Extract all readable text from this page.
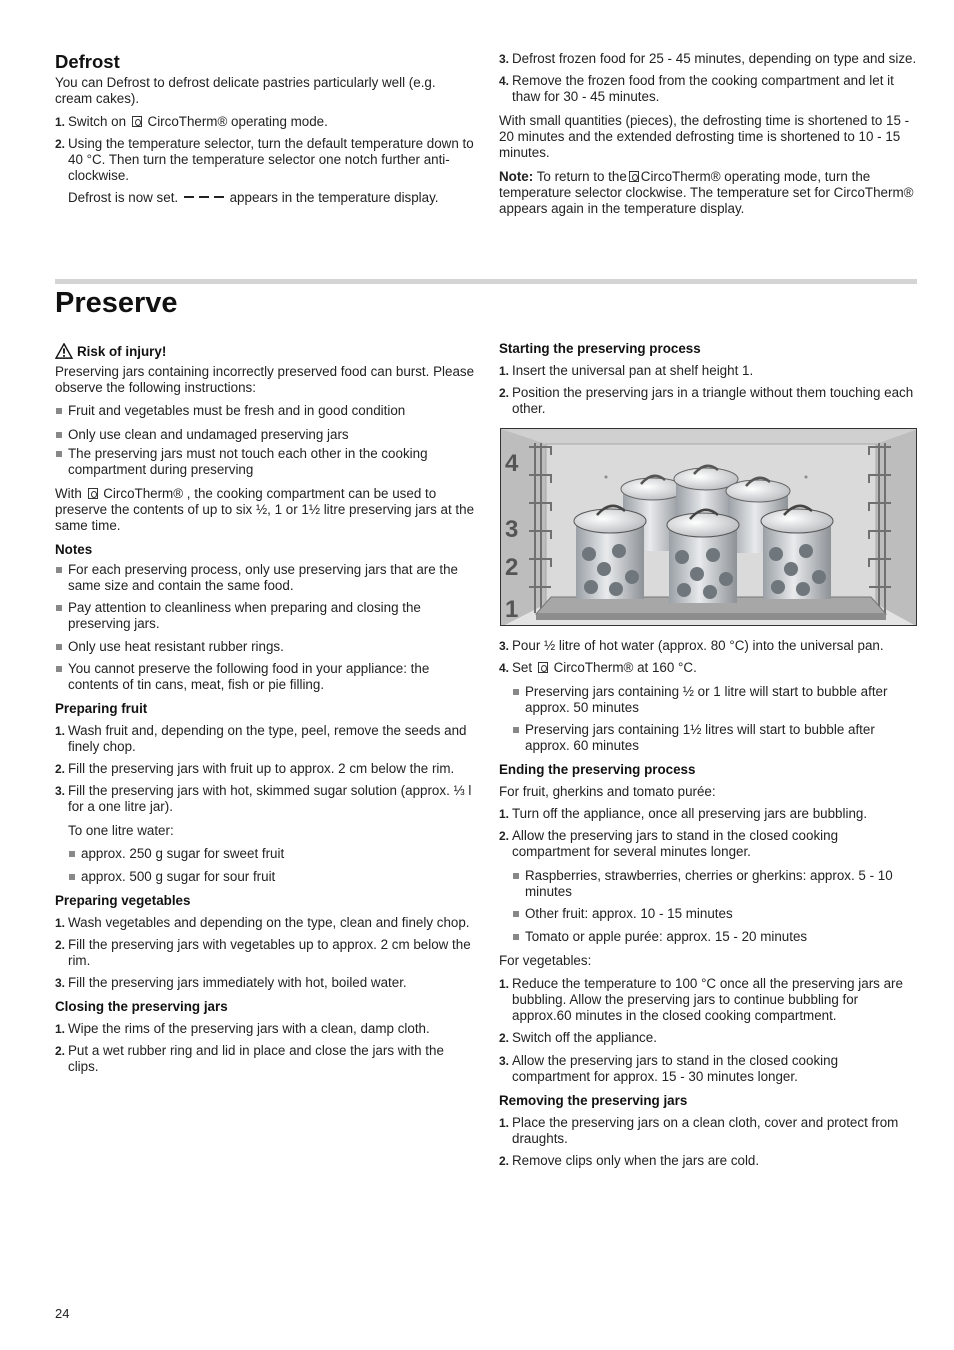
Defrost

You can Defrost to defrost delicate pastries particularly well (e.g. cream cakes).

1. Switch on CircoTherm® operating mode.
2. Using the temperature selector, turn the default temperature down to 40 °C. Then turn the temperature selector one notch further anti-clockwise.

Defrost is now set.	appears in the temperature display.

3. Defrost frozen food for 25 - 45 minutes, depending on type and size.
4. Remove the frozen food from the cooking compartment and let it thaw for 30 - 45 minutes.

With small quantities (pieces), the defrosting time is shortened to 15 - 20 minutes and the extended defrosting time is shortened to 10 - 15 minutes.

Note: To return to the CircoTherm® operating mode, turn the temperature selector clockwise. The temperature set for CircoTherm® appears again in the temperature display.

Preserve
Risk of injury!

Preserving jars containing incorrectly preserved food can burst. Please observe the following instructions:

Fruit and vegetables must be fresh and in good condition
Only use clean and undamaged preserving jars
The preserving jars must not touch each other in the cooking compartment during preserving

With CircoTherm® , the cooking compartment can be used to preserve the contents of up to six ½, 1 or 1½ litre preserving jars at the same time.

Notes
For each preserving process, only use preserving jars that are the same size and contain the same food.
Pay attention to cleanliness when preparing and closing the preserving jars.
Only use heat resistant rubber rings.
You cannot preserve the following food in your appliance: the contents of tin cans, meat, fish or pie filling.
Preparing fruit
1. Wash fruit and, depending on the type, peel, remove the seeds and finely chop.
2. Fill the preserving jars with fruit up to approx. 2 cm below the rim.
3. Fill the preserving jars with hot, skimmed sugar solution (approx. ⅓ l for a one litre jar).

To one litre water:

approx. 250 g sugar for sweet fruit
approx. 500 g sugar for sour fruit
Preparing vegetables
1. Wash vegetables and depending on the type, clean and finely chop.
2. Fill the preserving jars with vegetables up to approx. 2 cm below the rim.
3. Fill the preserving jars immediately with hot, boiled water.
Closing the preserving jars
1. Wipe the rims of the preserving jars with a clean, damp cloth.
2. Put a wet rubber ring and lid in place and close the jars with the clips.
Starting the preserving process
1. Insert the universal pan at shelf height 1.
2. Position the preserving jars in a triangle without them touching each other.
4
3
2
1
3. Pour ½ litre of hot water (approx. 80 °C) into the universal pan.
4. Set CircoTherm® at 160 °C.
Preserving jars containing ½ or 1 litre will start to bubble after approx. 50 minutes
Preserving jars containing 1½ litres will start to bubble after approx. 60 minutes
Ending the preserving process

For fruit, gherkins and tomato purée:

1. Turn off the appliance, once all preserving jars are bubbling.
2. Allow the preserving jars to stand in the closed cooking compartment for several minutes longer.
Raspberries, strawberries, cherries or gherkins: approx. 5 - 10 minutes
Other fruit: approx. 10 - 15 minutes
Tomato or apple purée: approx. 15 - 20 minutes

For vegetables:

1. Reduce the temperature to 100 °C once all the preserving jars are bubbling. Allow the preserving jars to continue bubbling for approx.60 minutes in the closed cooking compartment.
2. Switch off the appliance.
3. Allow the preserving jars to stand in the closed cooking compartment for approx. 15 - 30 minutes longer.
Removing the preserving jars
1. Place the preserving jars on a clean cloth, cover and protect from draughts.
2. Remove clips only when the jars are cold.
24
